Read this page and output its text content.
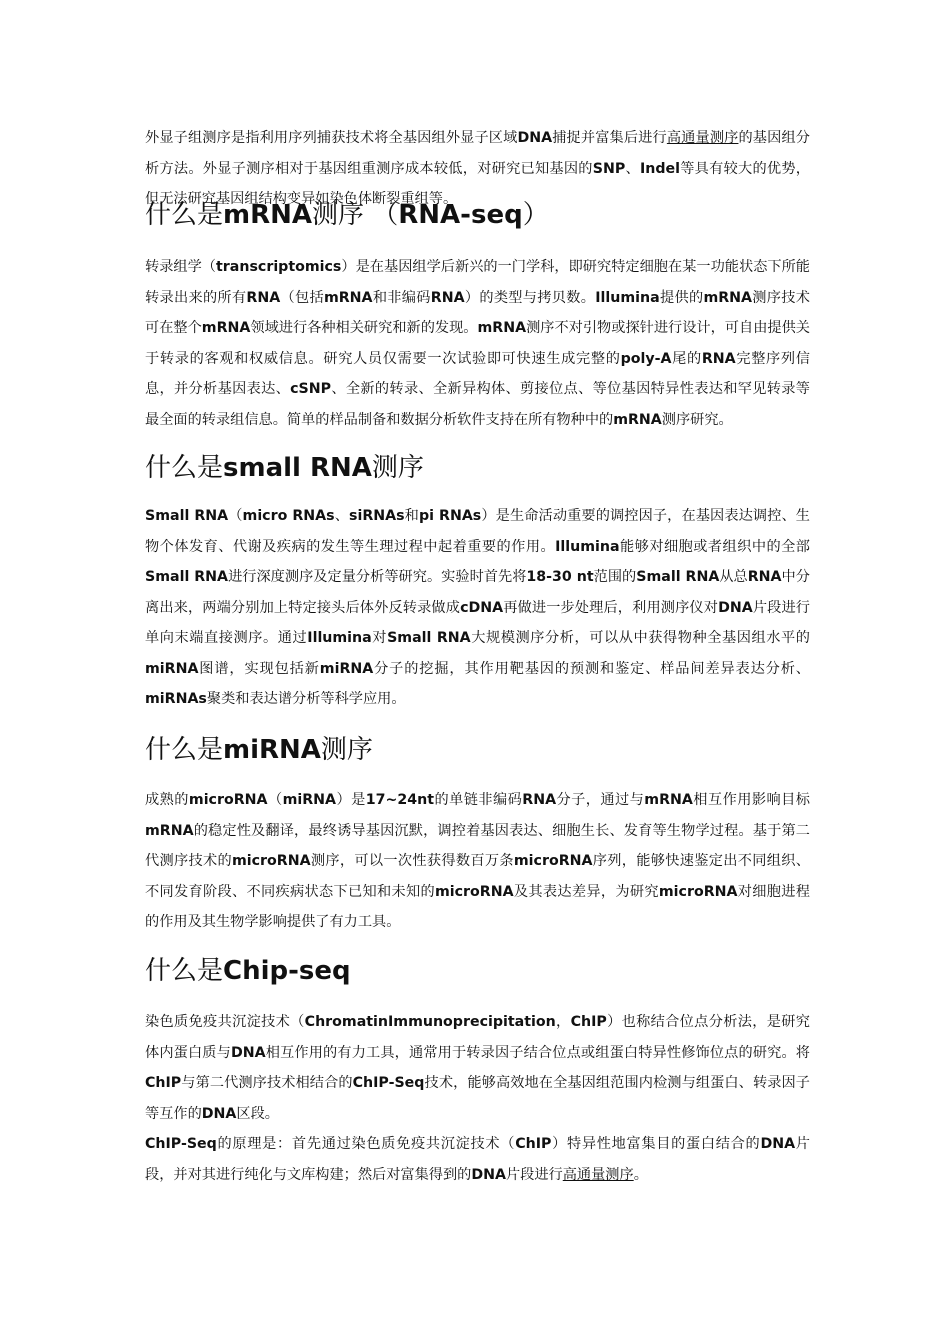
外显子组测序是指利用序列捕获技术将全基因组外显子区域DNA捕捉并富集后进行高通量测序的基因组分析方法。外显子测序相对于基因组重测序成本较低，对研究已知基因的SNP、Indel等具有较大的优势，但无法研究基因组结构变异如染色体断裂重组等。

什么是mRNA测序 （RNA-seq）

转录组学（transcriptomics）是在基因组学后新兴的一门学科，即研究特定细胞在某一功能状态下所能转录出来的所有RNA（包括mRNA和非编码RNA）的类型与拷贝数。Illumina提供的mRNA测序技术可在整个mRNA领域进行各种相关研究和新的发现。mRNA测序不对引物或探针进行设计，可自由提供关于转录的客观和权威信息。研究人员仅需要一次试验即可快速生成完整的poly-A尾的RNA完整序列信息，并分析基因表达、cSNP、全新的转录、全新异构体、剪接位点、等位基因特异性表达和罕见转录等最全面的转录组信息。简单的样品制备和数据分析软件支持在所有物种中的mRNA测序研究。

什么是small RNA测序

Small RNA（micro RNAs、siRNAs和pi RNAs）是生命活动重要的调控因子，在基因表达调控、生物个体发育、代谢及疾病的发生等生理过程中起着重要的作用。Illumina能够对细胞或者组织中的全部Small RNA进行深度测序及定量分析等研究。实验时首先将18-30 nt范围的Small RNA从总RNA中分离出来，两端分别加上特定接头后体外反转录做成cDNA再做进一步处理后，利用测序仪对DNA片段进行单向末端直接测序。通过Illumina对Small RNA大规模测序分析，可以从中获得物种全基因组水平的miRNA图谱，实现包括新miRNA分子的挖掘，其作用靶基因的预测和鉴定、样品间差异表达分析、miRNAs聚类和表达谱分析等科学应用。

什么是miRNA测序

成熟的microRNA（miRNA）是17~24nt的单链非编码RNA分子，通过与mRNA相互作用影响目标mRNA的稳定性及翻译，最终诱导基因沉默，调控着基因表达、细胞生长、发育等生物学过程。基于第二代测序技术的microRNA测序，可以一次性获得数百万条microRNA序列，能够快速鉴定出不同组织、不同发育阶段、不同疾病状态下已知和未知的microRNA及其表达差异，为研究microRNA对细胞进程的作用及其生物学影响提供了有力工具。

什么是Chip-seq

染色质免疫共沉淀技术（ChromatinImmunoprecipitation，ChIP）也称结合位点分析法，是研究体内蛋白质与DNA相互作用的有力工具，通常用于转录因子结合位点或组蛋白特异性修饰位点的研究。将ChIP与第二代测序技术相结合的ChIP-Seq技术，能够高效地在全基因组范围内检测与组蛋白、转录因子等互作的DNA区段。

ChIP-Seq的原理是：首先通过染色质免疫共沉淀技术（ChIP）特异性地富集目的蛋白结合的DNA片段，并对其进行纯化与文库构建；然后对富集得到的DNA片段进行高通量测序。
